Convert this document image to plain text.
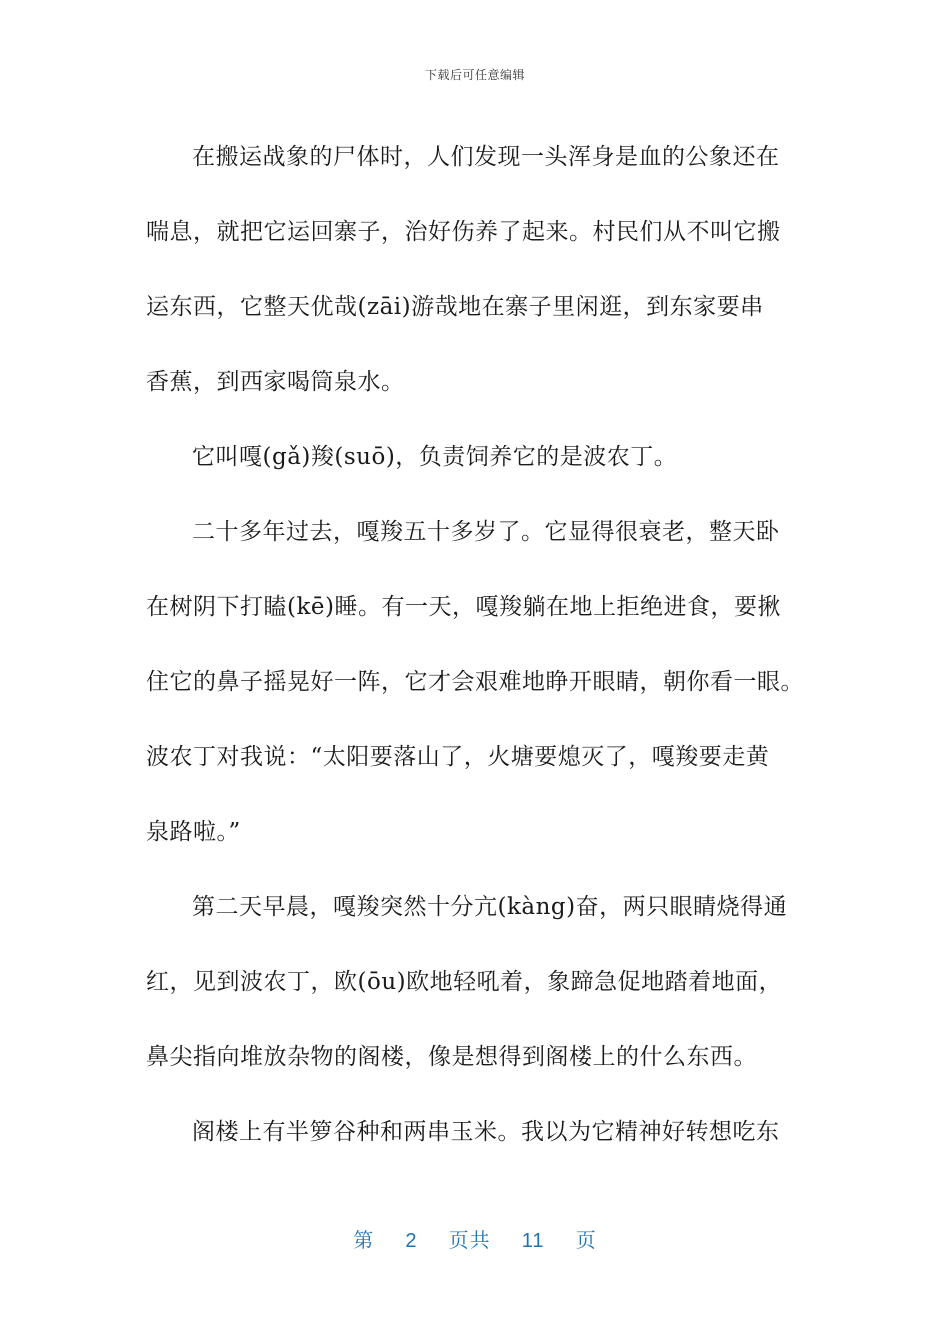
下载后可任意编辑

在搬运战象的尸体时，人们发现一头浑身是血的公象还在
喘息，就把它运回寨子，治好伤养了起来。村民们从不叫它搬
运东西，它整天优哉(zāi)游哉地在寨子里闲逛，到东家要串
香蕉，到西家喝筒泉水。

它叫嘎(gǎ)羧(suō)，负责饲养它的是波农丁。

二十多年过去，嘎羧五十多岁了。它显得很衰老，整天卧
在树阴下打瞌(kē)睡。有一天，嘎羧躺在地上拒绝进食，要揪
住它的鼻子摇晃好一阵，它才会艰难地睁开眼睛，朝你看一眼。
波农丁对我说：“太阳要落山了，火塘要熄灭了，嘎羧要走黄
泉路啦。”

第二天早晨，嘎羧突然十分亢(kàng)奋，两只眼睛烧得通
红，见到波农丁，欧(ōu)欧地轻吼着，象蹄急促地踏着地面，
鼻尖指向堆放杂物的阁楼，像是想得到阁楼上的什么东西。

阁楼上有半箩谷种和两串玉米。我以为它精神好转想吃东

第 2 页共 11 页
